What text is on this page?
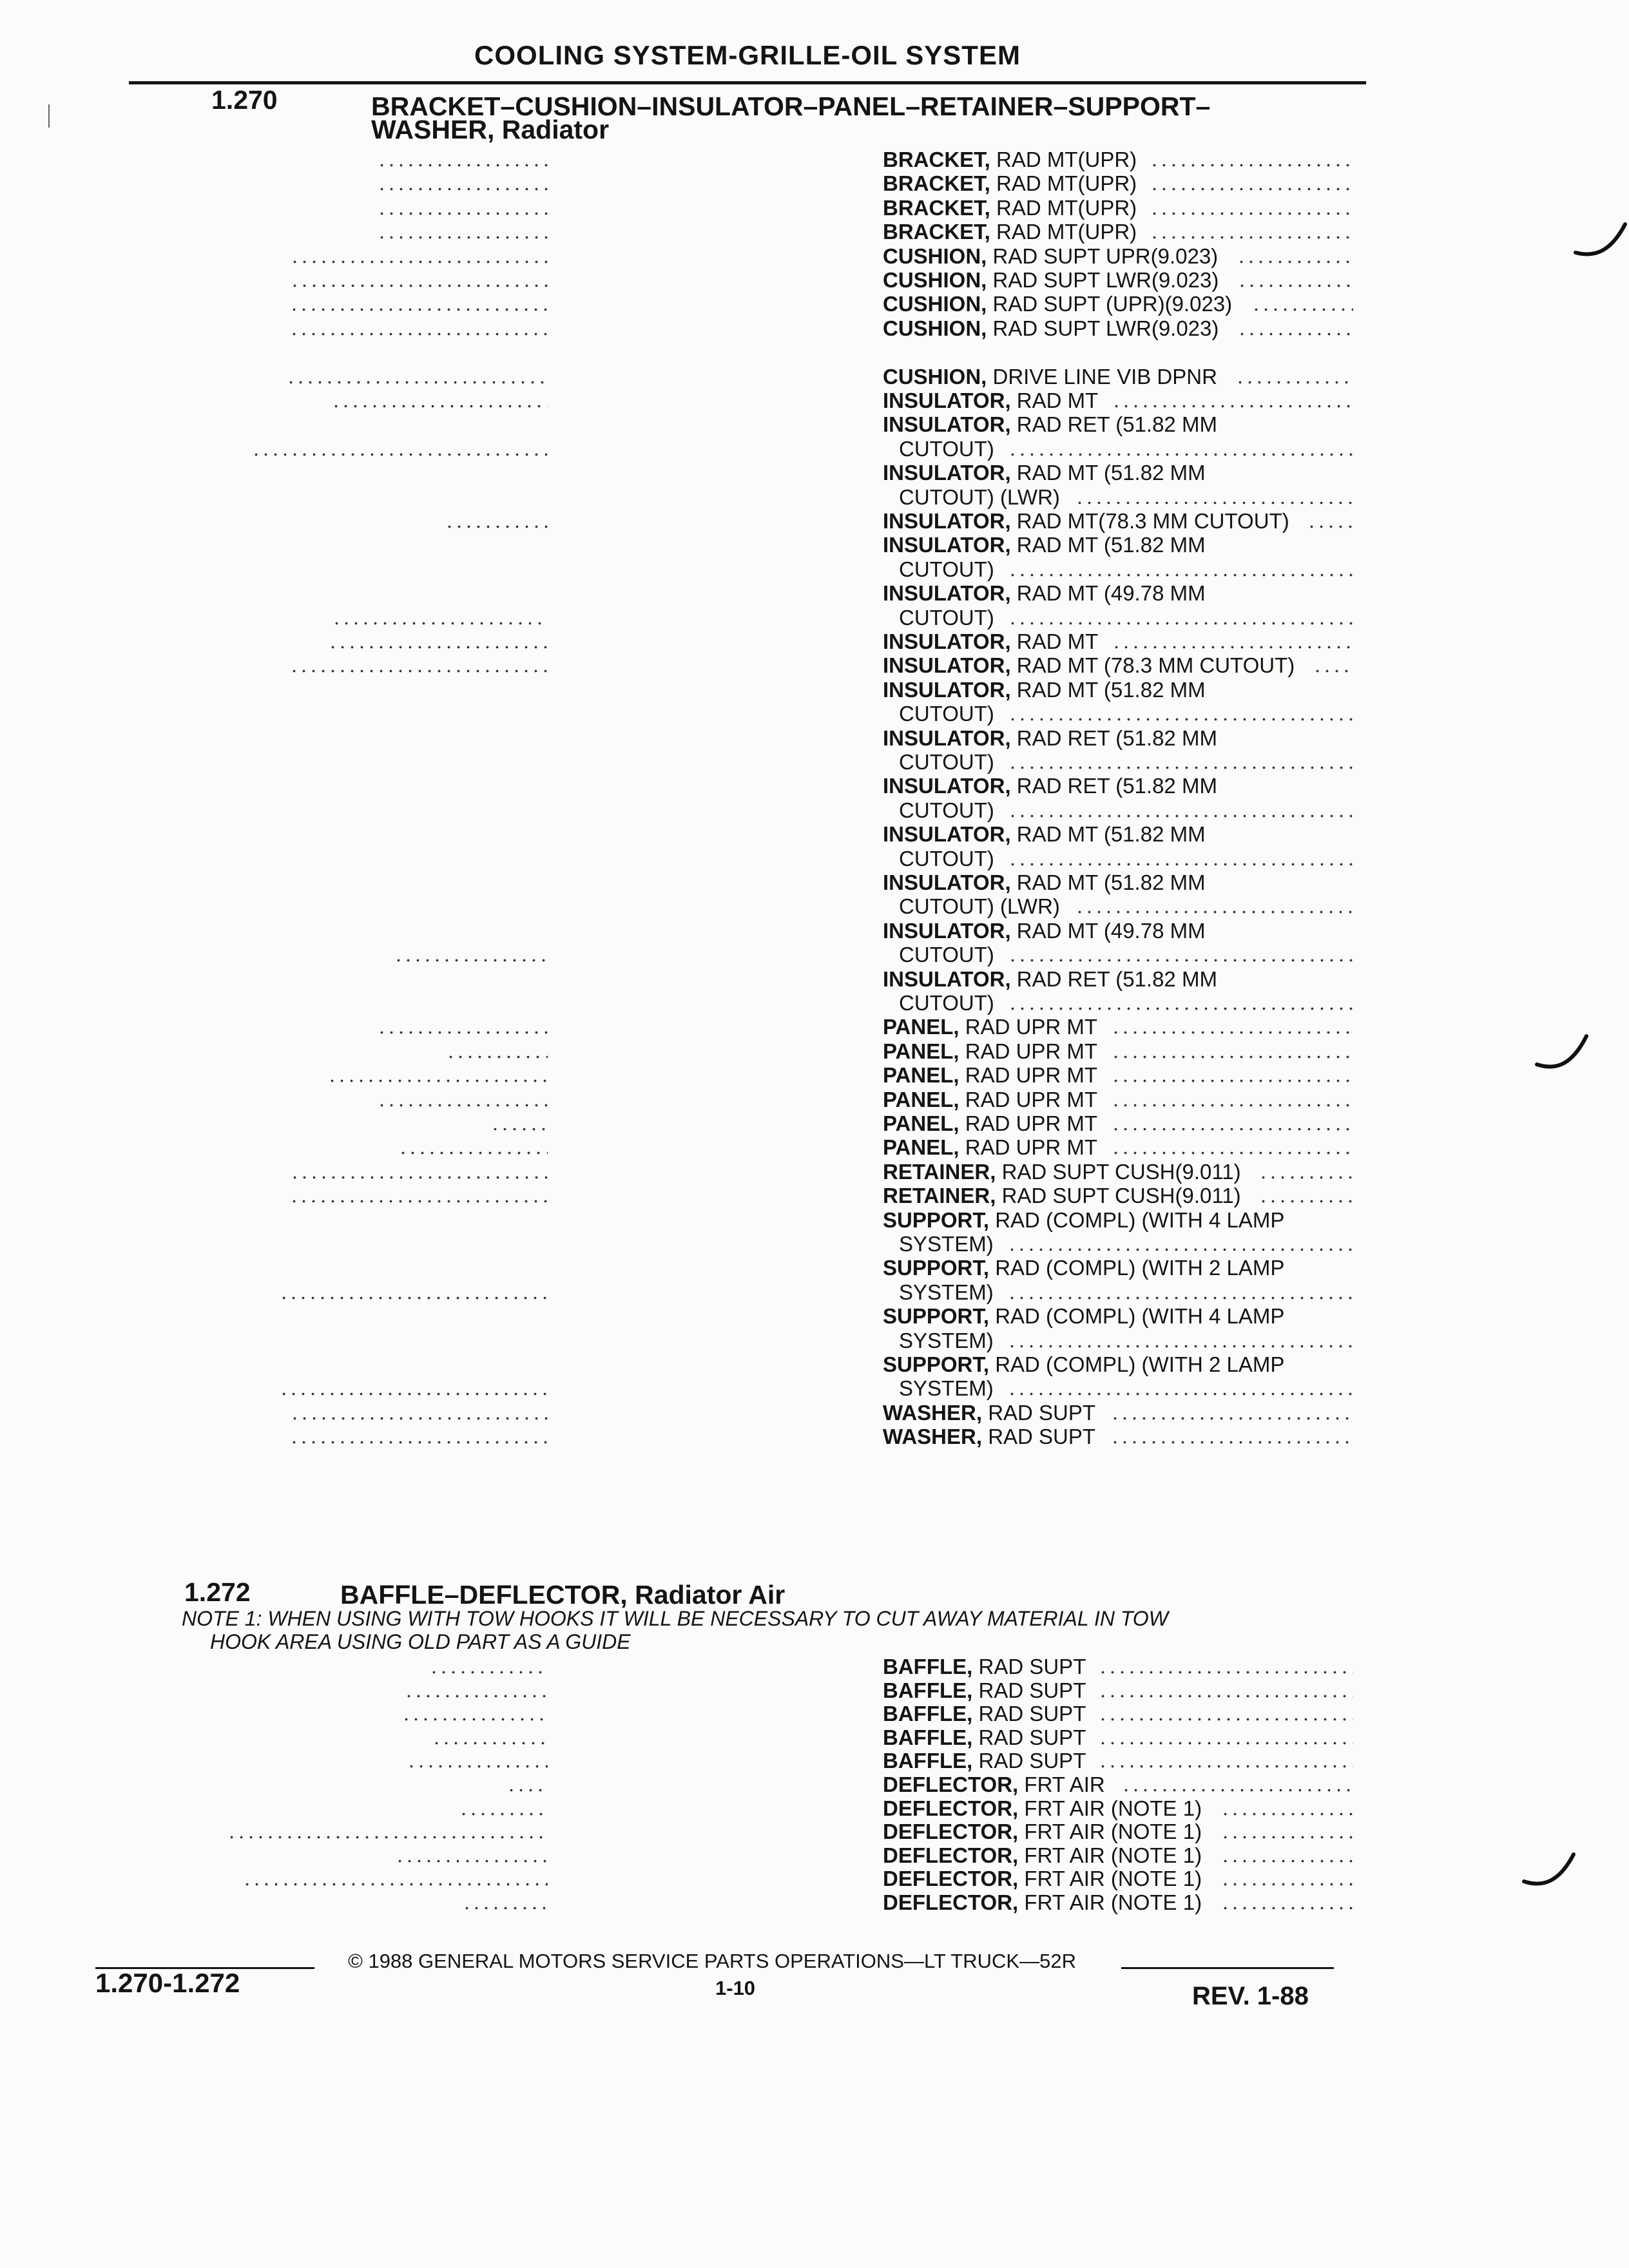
COOLING SYSTEM-GRILLE-OIL SYSTEM
1.270	BRACKET–CUSHION–INSULATOR–PANEL–RETAINER–SUPPORT–
WASHER, Radiator
BRACKET, RAD MT(UPR)
BRACKET, RAD MT(UPR)
BRACKET, RAD MT(UPR)
BRACKET, RAD MT(UPR)
CUSHION, RAD SUPT UPR(9.023)
CUSHION, RAD SUPT LWR(9.023)
CUSHION, RAD SUPT (UPR)(9.023)
CUSHION, RAD SUPT LWR(9.023)
CUSHION, DRIVE LINE VIB DPNR
INSULATOR, RAD MT
INSULATOR, RAD RET (51.82 MM
CUTOUT)
INSULATOR, RAD MT (51.82 MM
CUTOUT) (LWR)
INSULATOR, RAD MT(78.3 MM CUTOUT)
INSULATOR, RAD MT (51.82 MM
CUTOUT)
INSULATOR, RAD MT (49.78 MM
CUTOUT)
INSULATOR, RAD MT
INSULATOR, RAD MT (78.3 MM CUTOUT)
INSULATOR, RAD MT (51.82 MM
CUTOUT)
INSULATOR, RAD RET (51.82 MM
CUTOUT)
INSULATOR, RAD RET (51.82 MM
CUTOUT)
INSULATOR, RAD MT (51.82 MM
CUTOUT)
INSULATOR, RAD MT (51.82 MM
CUTOUT) (LWR)
INSULATOR, RAD MT (49.78 MM
CUTOUT)
INSULATOR, RAD RET (51.82 MM
CUTOUT)
PANEL, RAD UPR MT
PANEL, RAD UPR MT
PANEL, RAD UPR MT
PANEL, RAD UPR MT
PANEL, RAD UPR MT
PANEL, RAD UPR MT
RETAINER, RAD SUPT CUSH(9.011)
RETAINER, RAD SUPT CUSH(9.011)
SUPPORT, RAD (COMPL) (WITH 4 LAMP
SYSTEM)
SUPPORT, RAD (COMPL) (WITH 2 LAMP
SYSTEM)
SUPPORT, RAD (COMPL) (WITH 4 LAMP
SYSTEM)
SUPPORT, RAD (COMPL) (WITH 2 LAMP
SYSTEM)
WASHER, RAD SUPT
WASHER, RAD SUPT
1.272	BAFFLE–DEFLECTOR, Radiator Air
NOTE 1: WHEN USING WITH TOW HOOKS IT WILL BE NECESSARY TO CUT AWAY MATERIAL IN TOW
HOOK AREA USING OLD PART AS A GUIDE
BAFFLE, RAD SUPT
BAFFLE, RAD SUPT
BAFFLE, RAD SUPT
BAFFLE, RAD SUPT
BAFFLE, RAD SUPT
DEFLECTOR, FRT AIR
DEFLECTOR, FRT AIR (NOTE 1)
DEFLECTOR, FRT AIR (NOTE 1)
DEFLECTOR, FRT AIR (NOTE 1)
DEFLECTOR, FRT AIR (NOTE 1)
DEFLECTOR, FRT AIR (NOTE 1)
1.270-1.272
© 1988 GENERAL MOTORS SERVICE PARTS OPERATIONS—LT TRUCK—52R
1-10	REV. 1-88
